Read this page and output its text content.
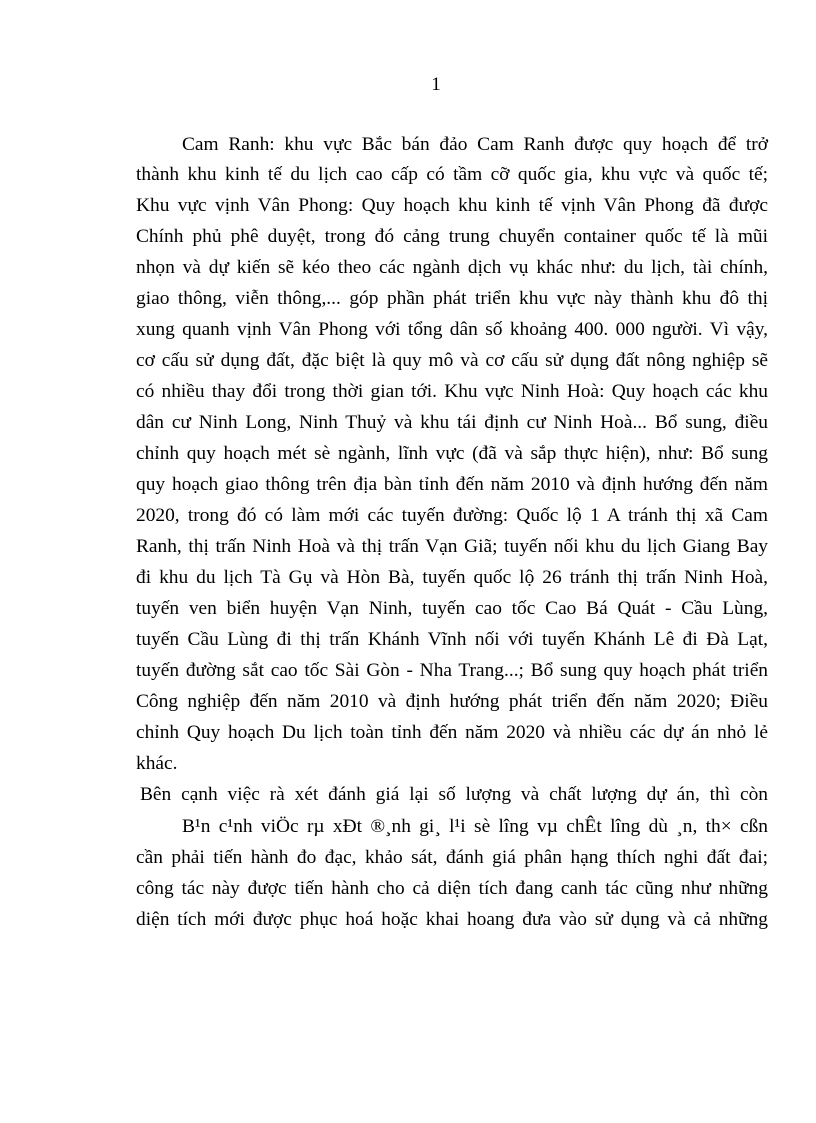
1
Cam Ranh: khu vực Bắc bán đảo Cam Ranh được quy hoạch để trở
thành khu kinh tế du lịch cao cấp có tầm cỡ quốc gia, khu vực và quốc tế;
Khu vực vịnh Vân Phong: Quy hoạch khu kinh tế vịnh Vân Phong đã được
Chính phủ phê duyệt, trong đó cảng trung chuyển container quốc tế là mũi
nhọn và dự kiến sẽ kéo theo các ngành dịch vụ khác như: du lịch, tài chính,
giao thông, viễn thông,... góp phần phát triển khu vực này thành khu đô thị
xung quanh vịnh Vân Phong với tổng dân số khoảng 400. 000 người. Vì vậy,
cơ cấu sử dụng đất, đặc biệt là quy mô và cơ cấu sử dụng đất nông nghiệp sẽ
có nhiều thay đổi trong thời gian tới. Khu vực Ninh Hoà: Quy hoạch các khu
dân cư Ninh Long, Ninh Thuỷ và khu tái định cư Ninh Hoà... Bổ sung, điều
chỉnh quy hoạch mét sè ngành, lĩnh vực (đã và sắp thực hiện), như: Bổ sung
quy hoạch giao thông trên địa bàn tỉnh đến năm 2010 và định hướng đến năm
2020, trong đó có làm mới các tuyến đường: Quốc lộ 1 A tránh thị xã Cam
Ranh, thị trấn Ninh Hoà và thị trấn Vạn Giã; tuyến nối khu du lịch Giang Bay
đi khu du lịch Tà Gụ và Hòn Bà, tuyến quốc lộ 26 tránh thị trấn Ninh Hoà,
tuyến ven biển huyện Vạn Ninh, tuyến cao tốc Cao Bá Quát - Cầu Lùng,
tuyến Cầu Lùng đi thị trấn Khánh Vĩnh nối với tuyến Khánh Lê đi Đà Lạt,
tuyến đường sắt cao tốc Sài Gòn - Nha Trang...; Bổ sung quy hoạch phát triển
Công nghiệp đến năm 2010 và định hướng phát triển đến năm 2020; Điều
chỉnh Quy hoạch Du lịch toàn tỉnh đến năm 2020 và nhiều các dự án nhỏ lẻ
khác.
Bên cạnh việc rà xét đánh giá lại số lượng và chất lượng dự án, thì còn
B¹n c¹nh viÖc rµ xÐt ®¸nh gi¸ l¹i sè lîng vµ chÊt lîng dù ¸n, th× cßn
cần phải tiến hành đo đạc, khảo sát, đánh giá phân hạng thích nghi đất đai;
công tác này được tiến hành cho cả diện tích đang canh tác cũng như những
diện tích mới được phục hoá hoặc khai hoang đưa vào sử dụng và cả những
